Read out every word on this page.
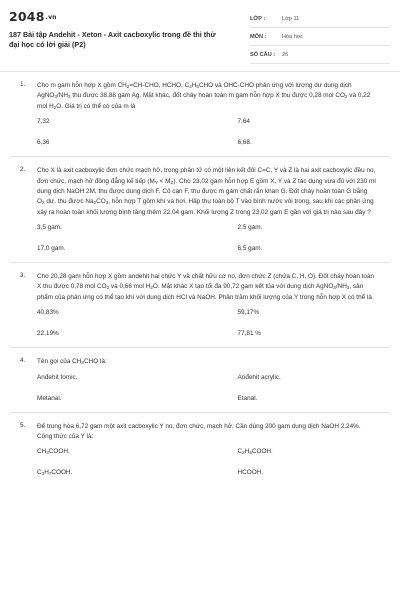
$2048^{.vn}$
187 Bài tập Andehit - Xeton - Axit cacboxylic trong đề thi thử đại học có lời giải (P2)
LỚP :	Lớp 11
MÔN :	Hóa học
SỐ CÂU :	26
1. Cho m gam hỗn hợp X gồm $CH_2=CH$-CHO, HCHO, $C_2H_5CHO$ và OHC-CHO phản ứng với lượng dư dung dịch $AgNO_3/NH_3$ thu được 38,88 gam Ag. Mặt khác, đốt cháy hoàn toàn m gam hỗn hợp X thu được 0,28 mol $CO_2$ và 0,22 mol $H_2O$. Giá trị có thể có của m là
7,32	7,64
6,36	6,68.
2. Cho X là axit cacboxylic đơn chức mạch hở, trong phân tử có một liên kết đôi C=C, Y và Z là hai axit cacboxylic đều no, đơn chức, mạch hở đồng đẳng kế tiếp $(M_Y < M_Z)$. Cho 23,02 gam hỗn hợp E gồm X, Y và Z tác dụng vừa đủ với 230 ml dung dịch NaOH 2M, thu được dung dịch F. Cô cạn F, thu được m gam chất rắn khan G. Đốt cháy hoàn toàn G bằng $O_2$ dư, thu được $Na_2CO_3$, hỗn hợp T gồm khí và hơi. Hấp thụ toàn bộ T vào bình nước vôi trong, sau khi các phản ứng xảy ra hoàn toàn khối lượng bình tăng thêm 22,04 gam. Khối lượng Z trong 23,02 gam E gần với giá trị nào sau đây ?
3,5 gam.	2,5 gam.
17,0 gam.	6,5 gam.
3. Cho 20,28 gam hỗn hợp X gồm andehit hai chức Y và chất hữu cơ no, đơn chức Z (chứa C, H, O). Đốt cháy hoàn toàn X thu được 0,78 mol $CO_2$ và 0,66 mol $H_2O$. Mặt khác X tạo tối đa 90,72 gam kết tủa với dung dịch $AgNO_3/NH_3$, sản phẩm của phản ứng có thể tạo khí với dung dịch HCl và NaOH. Phần trăm khối lượng của Y trong hỗn hợp X có thể là
40,83%	59,17%
22,19%	77,81 %
4. Tên gọi của $CH_3CHO$ là:
Anđehit fomic.	Anđehit acrylic.
Metanal.	Etanal.
5. Để trung hòa 6,72 gam một axit cacboxylic Y no, đơn chức, mạch hở. Cần dùng 200 gam dung dịch NaOH 2,24%. Công thức của Y là:
$CH_3COOH$.	$C_2H_5COOH$.
$C_3H_7COOH$.	HCOOH.
